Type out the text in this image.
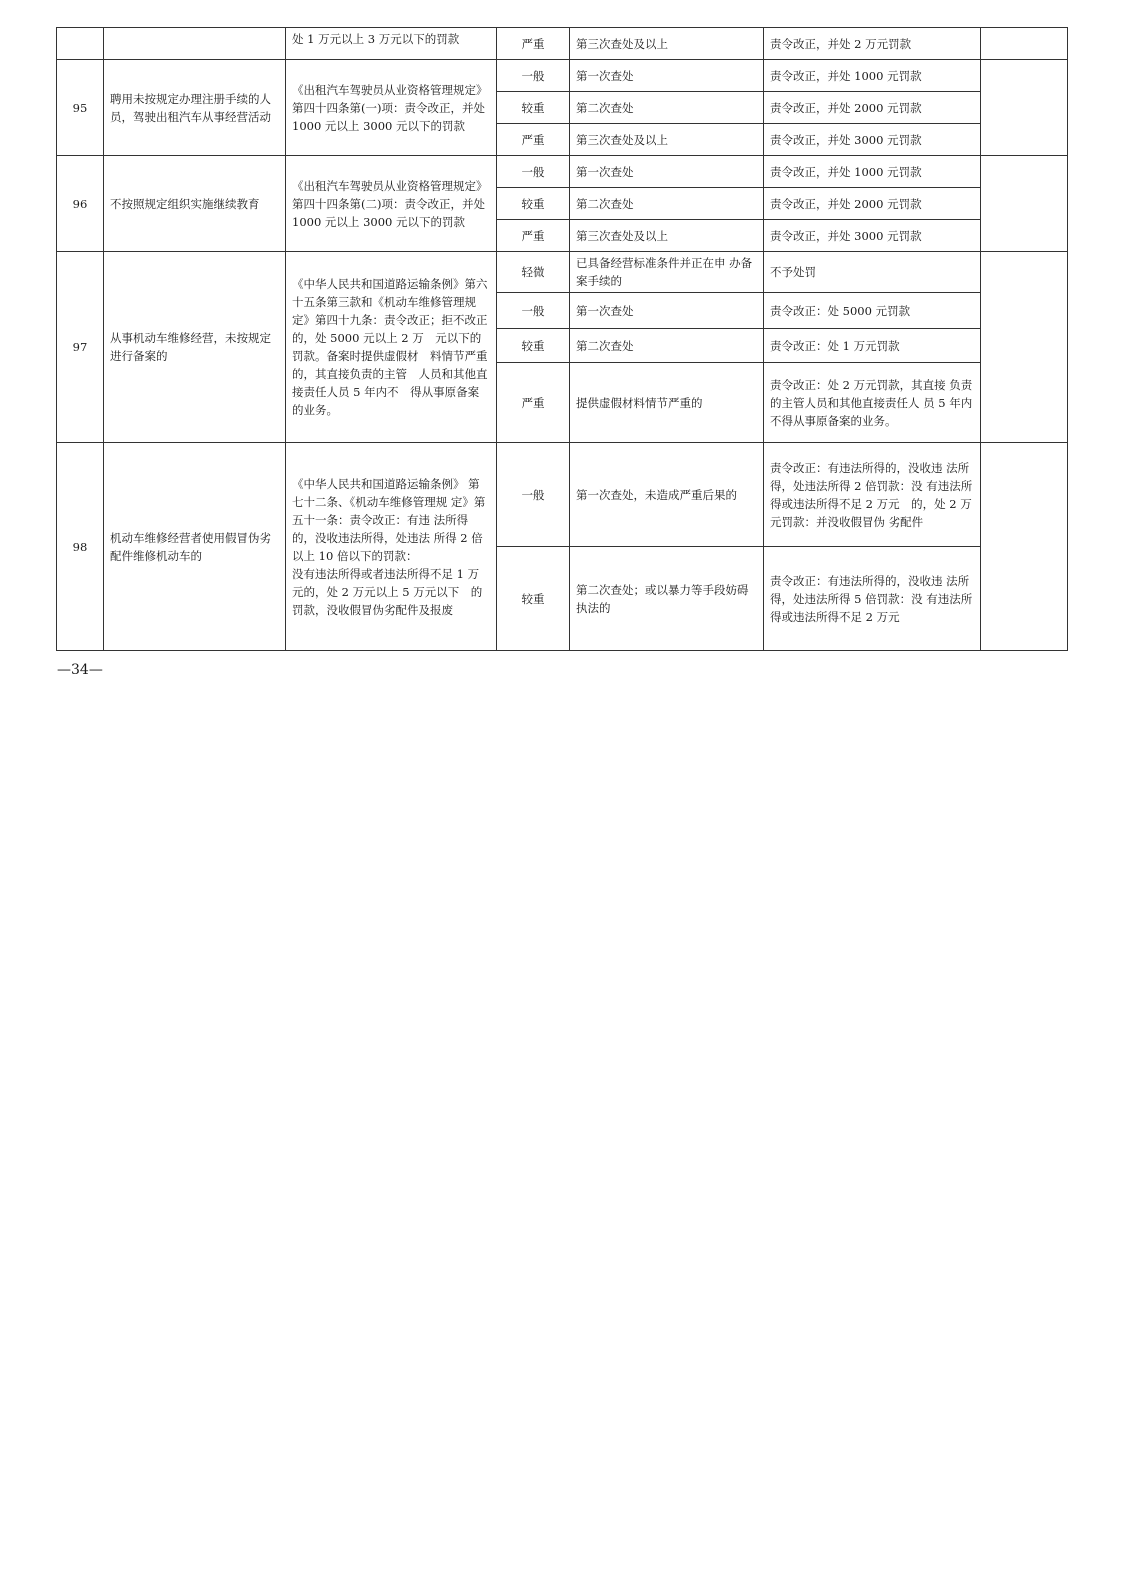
		处 1 万元以上 3 万元以下的罚款	严重	第三次查处及以上	责令改正，并处 2 万元罚款	
95	聘用未按规定办理注册手续的人 员，驾驶出租汽车从事经营活动	《出租汽车驾驶员从业资格管理规定》第四十四条第(一)项：责令改正，并处 1000 元以上 3000 元以下的罚款	一般	第一次查处	责令改正，并处 1000 元罚款	
			较重	第二次查处	责令改正，并处 2000 元罚款	
			严重	第三次查处及以上	责令改正，并处 3000 元罚款	
96	不按照规定组织实施继续教育	《出租汽车驾驶员从业资格管理规定》第四十四条第(二)项：责令改正，并处 1000 元以上 3000 元以下的罚款	一般	第一次查处	责令改正，并处 1000 元罚款	
			较重	第二次查处	责令改正，并处 2000 元罚款	
			严重	第三次查处及以上	责令改正，并处 3000 元罚款	
97	从事机动车维修经营，未按规定进行备案的	《中华人民共和国道路运输条例》第六十五条第三款和《机动车维修管理规定》第四十九条：责令改正；拒不改正的，处 5000 元以上 2 万　元以下的罚款。备案时提供虚假材　料情节严重的，其直接负责的主管　人员和其他直接责任人员 5 年内不　得从事原备案的业务。	轻微	已具备经营标准条件并正在申 办备案手续的	不予处罚	
			一般	第一次查处	责令改正：处 5000 元罚款	
			较重	第二次查处	责令改正：处 1 万元罚款	
			严重	提供虚假材料情节严重的	责令改正：处 2 万元罚款，其直接 负责的主管人员和其他直接责任人 员 5 年内不得从事原备案的业务。	
98	机动车维修经营者使用假冒伪劣 配件维修机动车的	《中华人民共和国道路运输条例》 第七十二条、《机动车维修管理规 定》第五十一条：责令改正：有违 法所得的，没收违法所得，处违法 所得 2 倍以上 10 倍以下的罚款：
没有违法所得或者违法所得不足 1 万元的，处 2 万元以上 5 万元以下　的罚款，没收假冒伪劣配件及报废	一般	第一次查处，未造成严重后果的	责令改正：有违法所得的，没收违 法所得，处违法所得 2 倍罚款：没 有违法所得或违法所得不足 2 万元　的，处 2 万元罚款：并没收假冒伪 劣配件	
			较重	第二次查处；或以暴力等手段妨碍执法的	责令改正：有违法所得的，没收违 法所得，处违法所得 5 倍罚款：没 有违法所得或违法所得不足 2 万元	
—34—
